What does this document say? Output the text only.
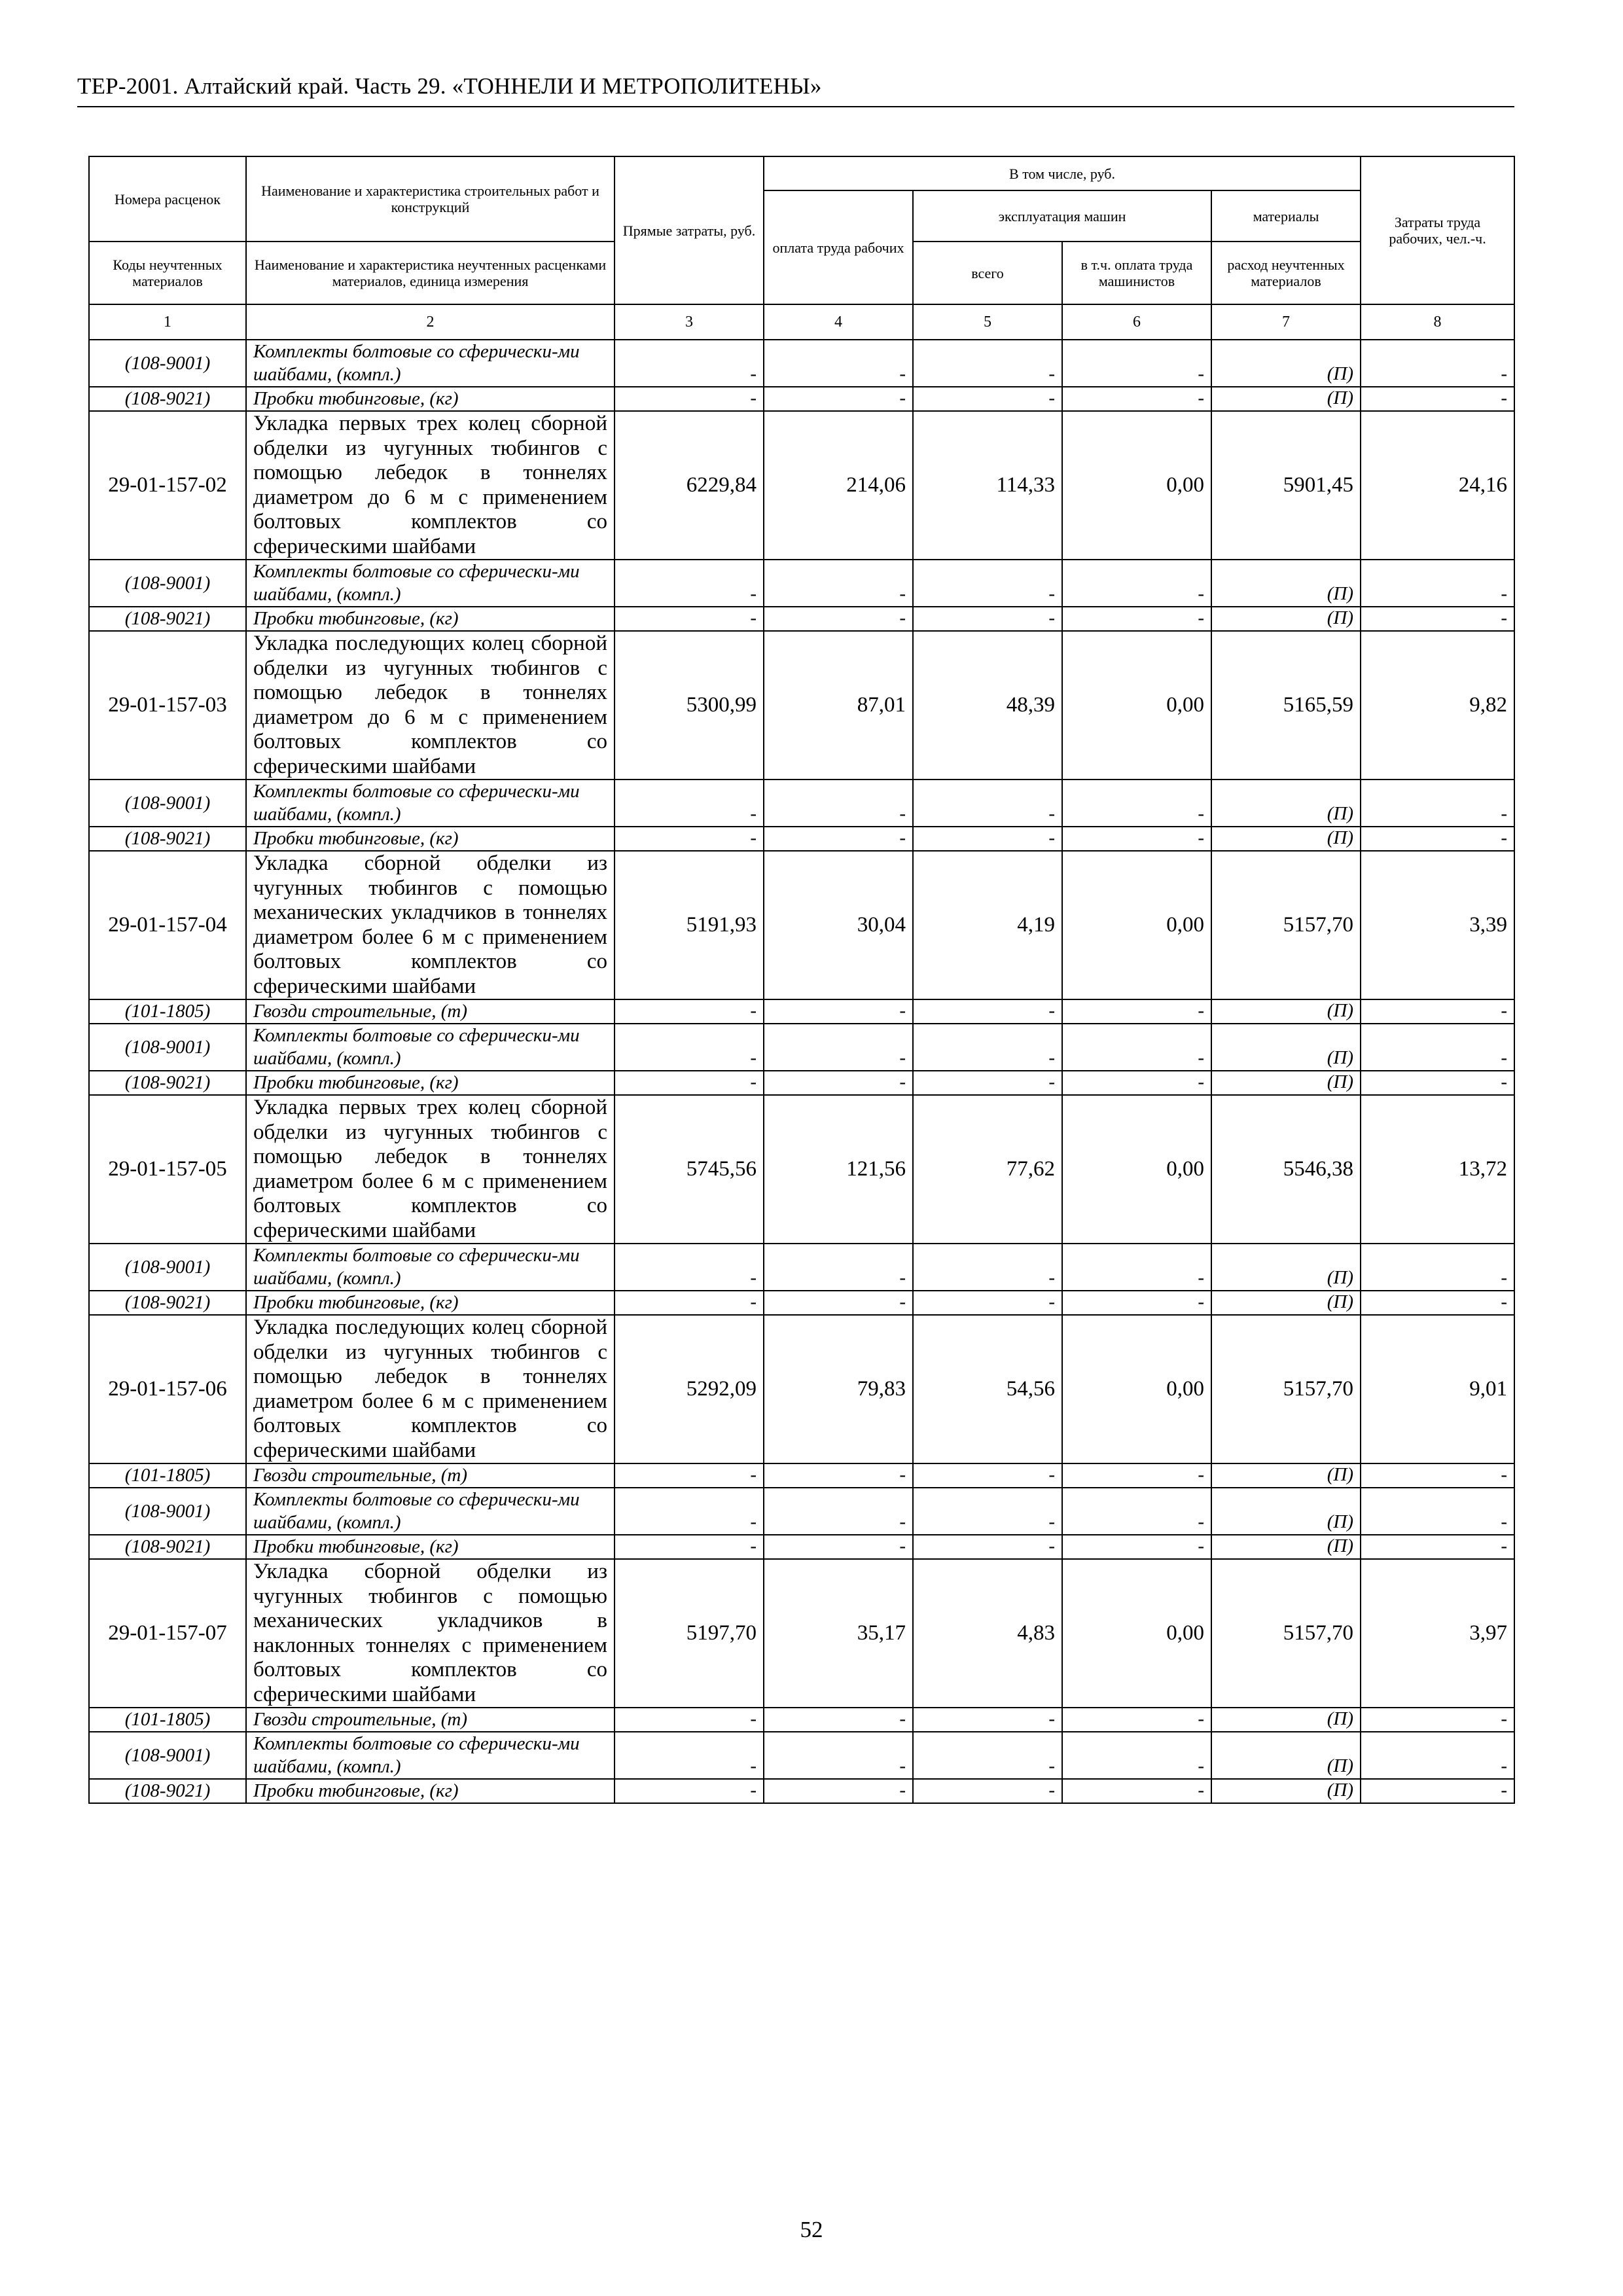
ТЕР-2001. Алтайский край. Часть 29. «ТОННЕЛИ И МЕТРОПОЛИТЕНЫ»
Номера расценок	Наименование и характеристика строительных работ и конструкций	Прямые затраты, руб.	В том числе, руб.				Затраты труда рабочих, чел.-ч.
			оплата труда рабочих	эксплуатация машин		материалы	
Коды неучтенных материалов	Наименование и характеристика неучтенных расценками материалов, единица измерения			всего	в т.ч. оплата труда машинистов	расход неучтенных материалов	
1	2	3	4	5	6	7	8
(108-9001)	Комплекты болтовые со сферически-ми шайбами, (компл.)	-	-	-	-	(П)	-
(108-9021)	Пробки тюбинговые, (кг)	-	-	-	-	(П)	-
29-01-157-02	Укладка первых трех колец сборной обделки из чугунных тюбингов с помощью лебедок в тоннелях диаметром до 6 м с применением болтовых комплектов со сферическими шайбами	6229,84	214,06	114,33	0,00	5901,45	24,16
(108-9001)	Комплекты болтовые со сферически-ми шайбами, (компл.)	-	-	-	-	(П)	-
(108-9021)	Пробки тюбинговые, (кг)	-	-	-	-	(П)	-
29-01-157-03	Укладка последующих колец сборной обделки из чугунных тюбингов с помощью лебедок в тоннелях диаметром до 6 м с применением болтовых комплектов со сферическими шайбами	5300,99	87,01	48,39	0,00	5165,59	9,82
(108-9001)	Комплекты болтовые со сферически-ми шайбами, (компл.)	-	-	-	-	(П)	-
(108-9021)	Пробки тюбинговые, (кг)	-	-	-	-	(П)	-
29-01-157-04	Укладка сборной обделки из чугунных тюбингов с помощью механических укладчиков в тоннелях диаметром более 6 м с применением болтовых комплектов со сферическими шайбами	5191,93	30,04	4,19	0,00	5157,70	3,39
(101-1805)	Гвозди строительные, (т)	-	-	-	-	(П)	-
(108-9001)	Комплекты болтовые со сферически-ми шайбами, (компл.)	-	-	-	-	(П)	-
(108-9021)	Пробки тюбинговые, (кг)	-	-	-	-	(П)	-
29-01-157-05	Укладка первых трех колец сборной обделки из чугунных тюбингов с помощью лебедок в тоннелях диаметром более 6 м с применением болтовых комплектов со сферическими шайбами	5745,56	121,56	77,62	0,00	5546,38	13,72
(108-9001)	Комплекты болтовые со сферически-ми шайбами, (компл.)	-	-	-	-	(П)	-
(108-9021)	Пробки тюбинговые, (кг)	-	-	-	-	(П)	-
29-01-157-06	Укладка последующих колец сборной обделки из чугунных тюбингов с помощью лебедок в тоннелях диаметром более 6 м с применением болтовых комплектов со сферическими шайбами	5292,09	79,83	54,56	0,00	5157,70	9,01
(101-1805)	Гвозди строительные, (т)	-	-	-	-	(П)	-
(108-9001)	Комплекты болтовые со сферически-ми шайбами, (компл.)	-	-	-	-	(П)	-
(108-9021)	Пробки тюбинговые, (кг)	-	-	-	-	(П)	-
29-01-157-07	Укладка сборной обделки из чугунных тюбингов с помощью механических укладчиков в наклонных тоннелях с применением болтовых комплектов со сферическими шайбами	5197,70	35,17	4,83	0,00	5157,70	3,97
(101-1805)	Гвозди строительные, (т)	-	-	-	-	(П)	-
(108-9001)	Комплекты болтовые со сферически-ми шайбами, (компл.)	-	-	-	-	(П)	-
(108-9021)	Пробки тюбинговые, (кг)	-	-	-	-	(П)	-
52
